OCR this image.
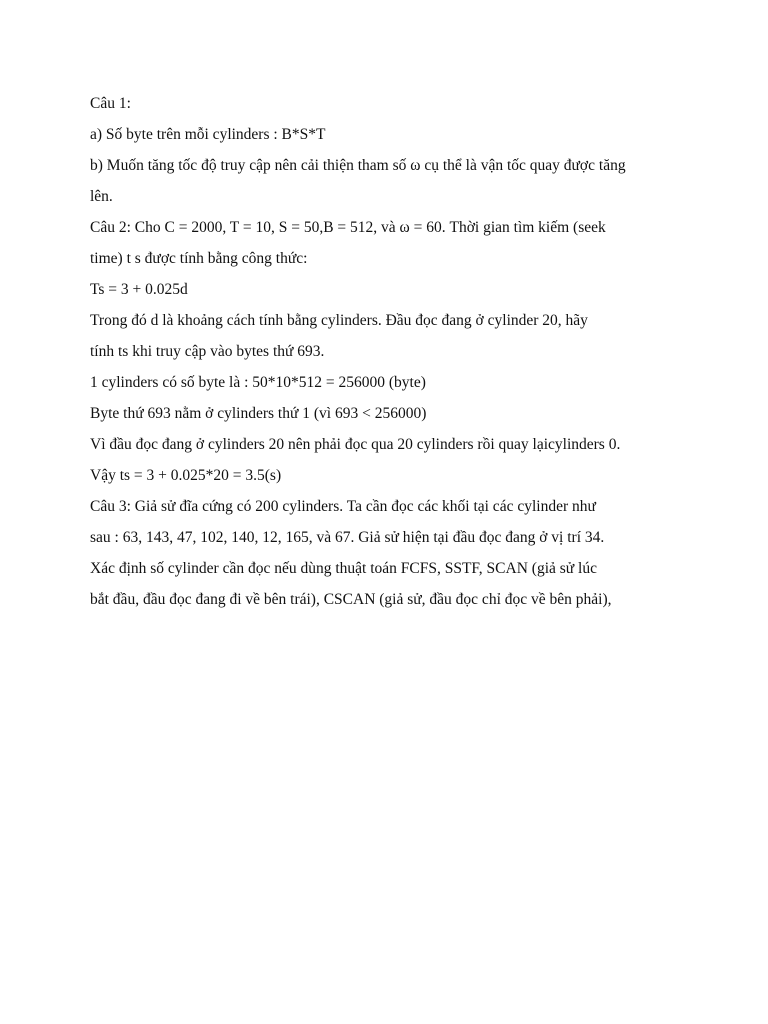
Câu 1:
a) Số byte trên mỗi cylinders : B*S*T
b) Muốn tăng tốc độ truy cập nên cải thiện tham số ω cụ thể là vận tốc quay được tăng
lên.
Câu 2: Cho C = 2000, T = 10, S = 50,B = 512, và ω = 60. Thời gian tìm kiếm (seek
time) t s được tính bằng công thức:
Ts = 3 + 0.025d
Trong đó d là khoảng cách tính bằng cylinders. Đầu đọc đang ở cylinder 20, hãy
tính ts khi truy cập vào bytes thứ 693.
1 cylinders có số byte là : 50*10*512 = 256000 (byte)
Byte thứ 693 nằm ở cylinders thứ 1 (vì 693 < 256000)
Vì đầu đọc đang ở cylinders 20 nên phải đọc qua 20 cylinders rồi quay lạicylinders 0.
Vậy ts = 3 + 0.025*20 = 3.5(s)
Câu 3: Giả sử đĩa cứng có 200 cylinders. Ta cần đọc các khối tại các cylinder như
sau : 63, 143, 47, 102, 140, 12, 165, và 67. Giả sử hiện tại đầu đọc đang ở vị trí 34.
Xác định số cylinder cần đọc nếu dùng thuật toán FCFS, SSTF, SCAN (giả sử lúc
bắt đầu, đầu đọc đang đi về bên trái), CSCAN (giả sử, đầu đọc chỉ đọc về bên phải),
